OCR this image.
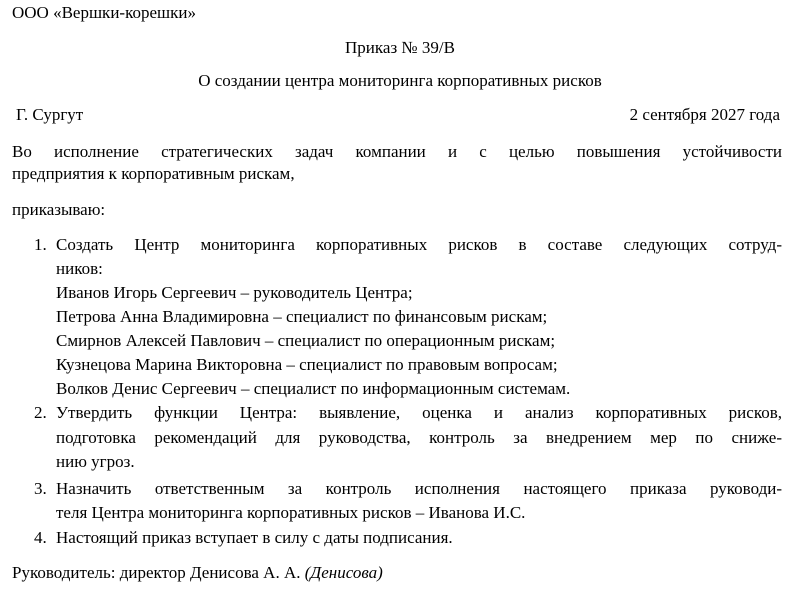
ООО «Вершки-корешки»
Приказ № 39/В
О создании центра мониторинга корпоративных рисков
Г. Сургут	2 сентября 2027 года
Во исполнение стратегических задач компании и с целью повышения устойчивости
предприятия к корпоративным рискам,
приказываю:
1. Создать Центр мониторинга корпоративных рисков в составе следующих сотруд-
ников:
Иванов Игорь Сергеевич – руководитель Центра;
Петрова Анна Владимировна – специалист по финансовым рискам;
Смирнов Алексей Павлович – специалист по операционным рискам;
Кузнецова Марина Викторовна – специалист по правовым вопросам;
Волков Денис Сергеевич – специалист по информационным системам.
2. Утвердить функции Центра: выявление, оценка и анализ корпоративных рисков,
подготовка рекомендаций для руководства, контроль за внедрением мер по сниже-
нию угроз.
3. Назначить ответственным за контроль исполнения настоящего приказа руководи-
теля Центра мониторинга корпоративных рисков – Иванова И.С.
4. Настоящий приказ вступает в силу с даты подписания.
Руководитель: директор Денисова А. А. (Денисова)
